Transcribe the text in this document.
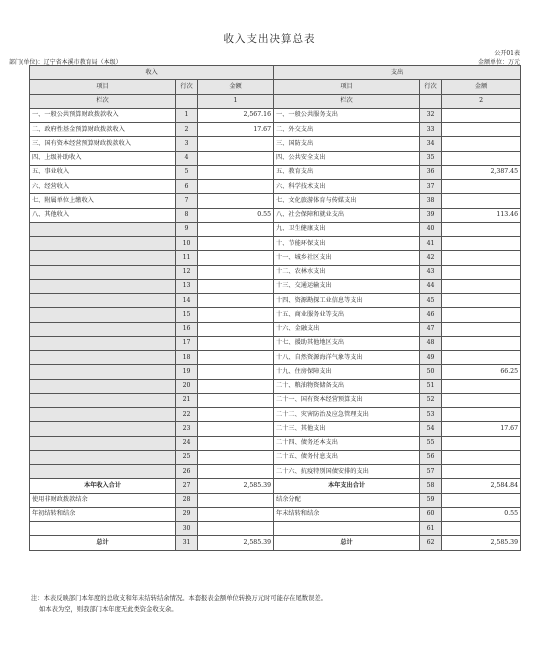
收入支出决算总表
公开01表
部门(单位)：辽宁省本溪市教育局（本级）	金额单位：万元
收入			支出		
项目	行次	金额	项目	行次	金额
栏次		1	栏次		2
一、一般公共预算财政拨款收入	1	2,567.16	一、一般公共服务支出	32	
二、政府性基金预算财政拨款收入	2	17.67	二、外交支出	33	
三、国有资本经营预算财政拨款收入	3		三、国防支出	34	
四、上级补助收入	4		四、公共安全支出	35	
五、事业收入	5		五、教育支出	36	2,387.45
六、经营收入	6		六、科学技术支出	37	
七、附属单位上缴收入	7		七、文化旅游体育与传媒支出	38	
八、其他收入	8	0.55	八、社会保障和就业支出	39	113.46
	9		九、卫生健康支出	40	
	10		十、节能环保支出	41	
	11		十一、城乡社区支出	42	
	12		十二、农林水支出	43	
	13		十三、交通运输支出	44	
	14		十四、资源勘探工业信息等支出	45	
	15		十五、商业服务业等支出	46	
	16		十六、金融支出	47	
	17		十七、援助其他地区支出	48	
	18		十八、自然资源海洋气象等支出	49	
	19		十九、住房保障支出	50	66.25
	20		二十、粮油物资储备支出	51	
	21		二十一、国有资本经营预算支出	52	
	22		二十二、灾害防治及应急管理支出	53	
	23		二十三、其他支出	54	17.67
	24		二十四、债务还本支出	55	
	25		二十五、债务付息支出	56	
	26		二十六、抗疫特别国债安排的支出	57	
本年收入合计	27	2,585.39	本年支出合计	58	2,584.84
使用非财政拨款结余	28		结余分配	59	
年初结转和结余	29		年末结转和结余	60	0.55
	30			61	
总计	31	2,585.39	总计	62	2,585.39
注：本表反映部门本年度的总收支和年末结转结余情况。本套报表金额单位转换万元时可能存在尾数误差。
如本表为空，则我部门本年度无此类资金收支余。
